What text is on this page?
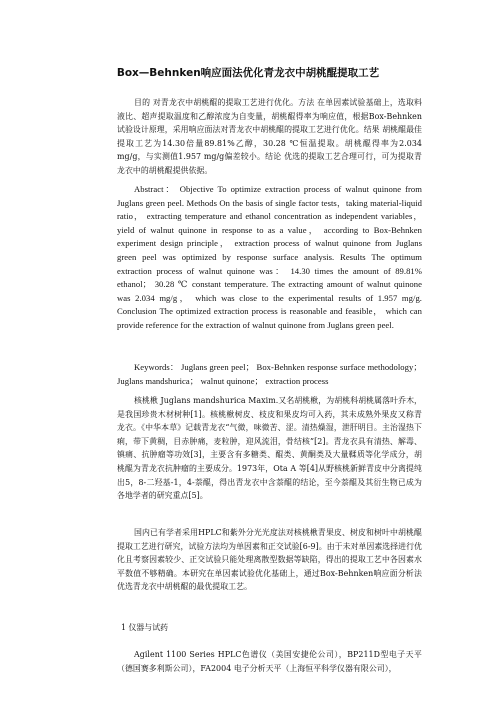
Box—Behnken响应面法优化青龙衣中胡桃醌提取工艺

目的 对青龙衣中胡桃醌的提取工艺进行优化。方法 在单因素试验基础上，选取料液比、超声提取温度和乙醇浓度为自变量，胡桃醌得率为响应值，根据Box-Behnken试验设计原理，采用响应面法对青龙衣中胡桃醌的提取工艺进行优化。结果 胡桃醌最佳提取工艺为14.30倍量89.81%乙醇，30.28 ℃恒温提取。胡桃醌得率为2.034 mg/g，与实测值1.957 mg/g偏差较小。结论 优选的提取工艺合理可行，可为提取青龙衣中的胡桃醌提供依据。

Abstract： Objective To optimize extraction process of walnut quinone from Juglans green peel. Methods On the basis of single factor tests，taking material-liquid ratio， extracting temperature and ethanol concentration as independent variables，yield of walnut quinone in response to as a value， according to Box-Behnken experiment design principle， extraction process of walnut quinone from Juglans green peel was optimized by response surface analysis. Results The optimum extraction process of walnut quinone was： 14.30 times the amount of 89.81% ethanol； 30.28 ℃ constant temperature. The extracting amount of walnut quinone was 2.034 mg/g， which was close to the experimental results of 1.957 mg/g. Conclusion The optimized extraction process is reasonable and feasible， which can provide reference for the extraction of walnut quinone from Juglans green peel.

Keywords： Juglans green peel； Box-Behnken response surface methodology； Juglans mandshurica； walnut quinone； extraction process

核桃楸 Juglans mandshurica Maxim.又名胡桃楸，为胡桃科胡桃属落叶乔木，是我国珍贵木材树种[1]。核桃楸树皮、枝皮和果皮均可入药，其未成熟外果皮又称青龙衣。《中华本草》记载青龙衣“气微，味微苦、涩。清热燥湿，泄肝明目。主治湿热下痢，带下黄稠，目赤肿痛，麦粒肿，迎风流泪，骨结核”[2]。青龙衣具有清热、解毒、镇痛、抗肿瘤等功效[3]，主要含有多糖类、醌类、黄酮类及大量鞣质等化学成分，胡桃醌为青龙衣抗肿瘤的主要成分。1973年，Ota A 等[4]从野核桃新鲜青皮中分离提纯出5，8-二羟基-1，4-萘醌，得出青龙衣中含萘醌的结论，至今萘醌及其衍生物已成为各地学者的研究重点[5]。

国内已有学者采用HPLC和紫外分光光度法对核桃楸青果皮、树皮和树叶中胡桃醌提取工艺进行研究，试验方法均为单因素和正交试验[6-9]。由于未对单因素选择进行优化且考察因素较少、正交试验只能处理离散型数据等缺陷，得出的提取工艺中各因素水平数值不够精确。本研究在单因素试验优化基础上，通过Box-Behnken响应面分析法优选青龙衣中胡桃醌的最优提取工艺。

1 仪器与试药

Agilent 1100 Series HPLC色谱仪（美国安捷伦公司），BP211D型电子天平（德国赛多利斯公司），FA2004 电子分析天平（上海恒平科学仪器有限公司），
